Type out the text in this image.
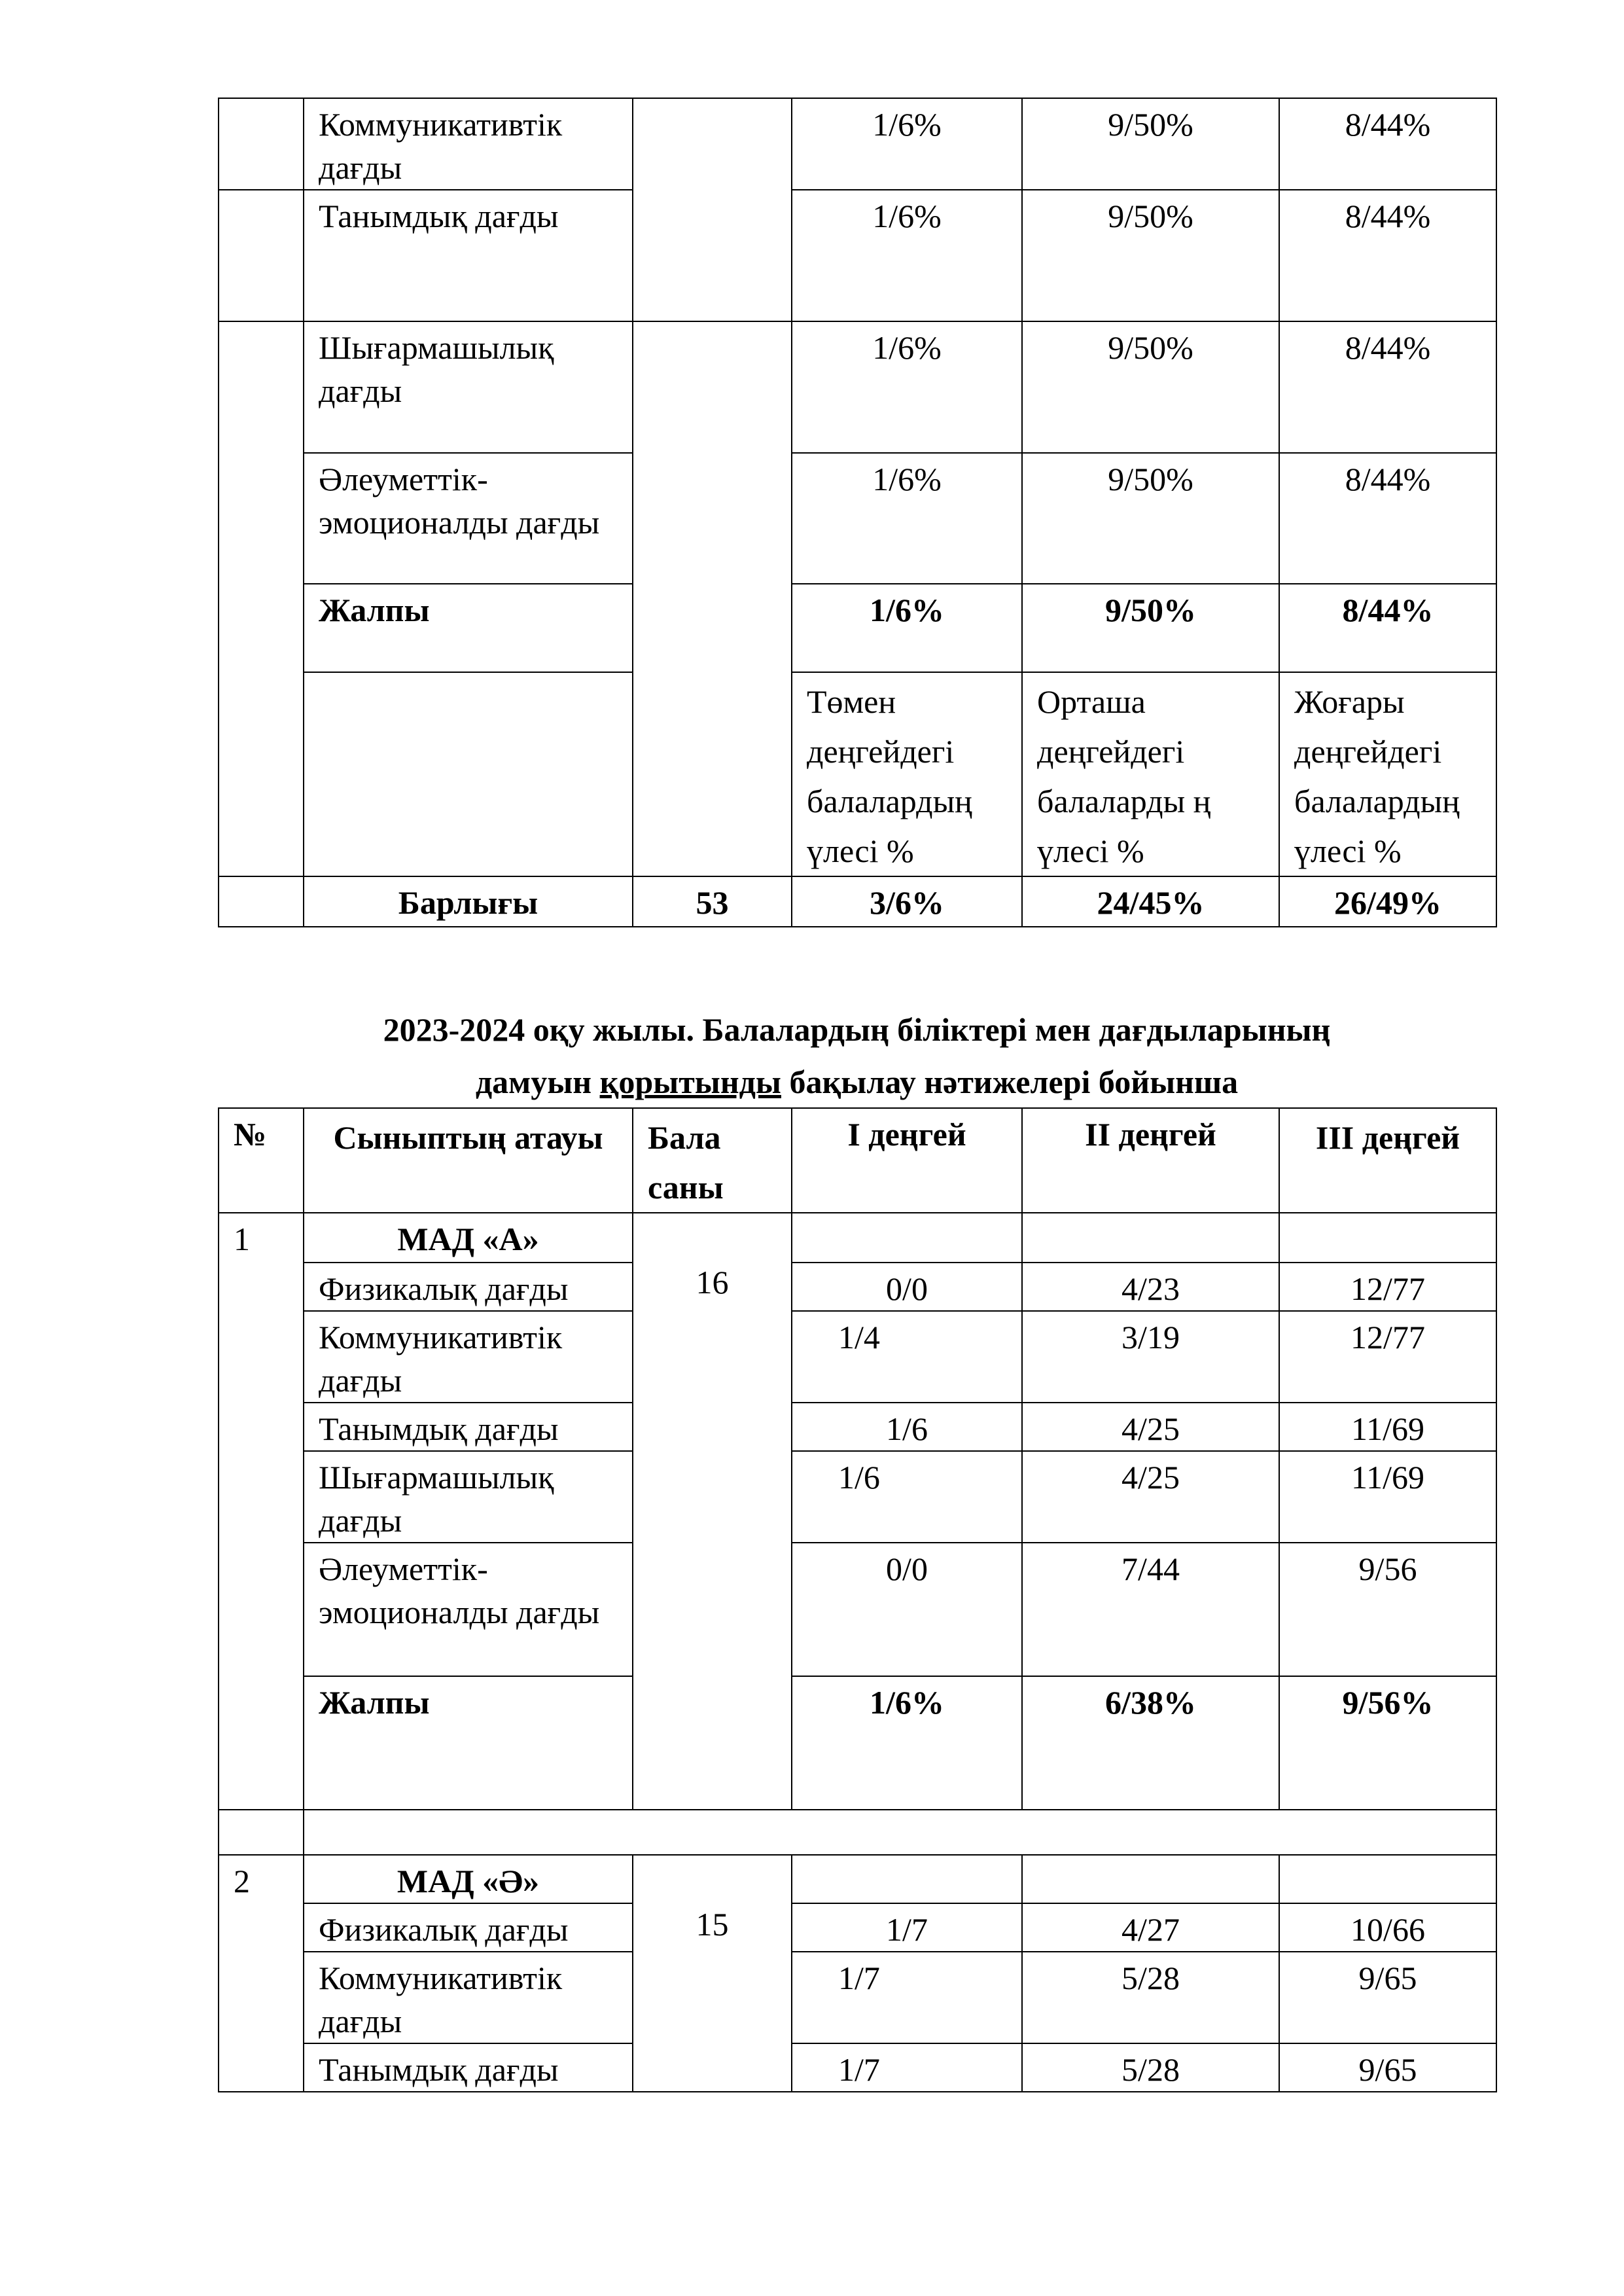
	Коммуникативтік дағды		1/6%	9/50%	8/44%
	Танымдық дағды		1/6%	9/50%	8/44%
	Шығармашылық дағды		1/6%	9/50%	8/44%
	Әлеуметтік-эмоционалды дағды		1/6%	9/50%	8/44%
	Жалпы		1/6%	9/50%	8/44%
			Төмен деңгейдегі балалардың үлесі %	Орташа деңгейдегі балаларды ң үлесі %	Жоғары деңгейдегі балалардың үлесі %
	Барлығы	53	3/6%	24/45%	26/49%
2023-2024 оқу жылы. Балалардың біліктері мен дағдыларының
дамуын қорытынды бақылау нәтижелері бойынша
№	Сыныптың атауы	Бала саны	I деңгей	II деңгей	III деңгей
1	МАД «А»	16			
	Физикалық дағды		0/0	4/23	12/77
	Коммуникативтік дағды		1/4	3/19	12/77
	Танымдық дағды		1/6	4/25	11/69
	Шығармашылық дағды		1/6	4/25	11/69
	Әлеуметтік-эмоционалды дағды		0/0	7/44	9/56
	Жалпы		1/6%	6/38%	9/56%

2	МАД «Ә»	15			
	Физикалық дағды		1/7	4/27	10/66
	Коммуникативтік дағды		1/7	5/28	9/65
	Танымдық дағды		1/7	5/28	9/65
